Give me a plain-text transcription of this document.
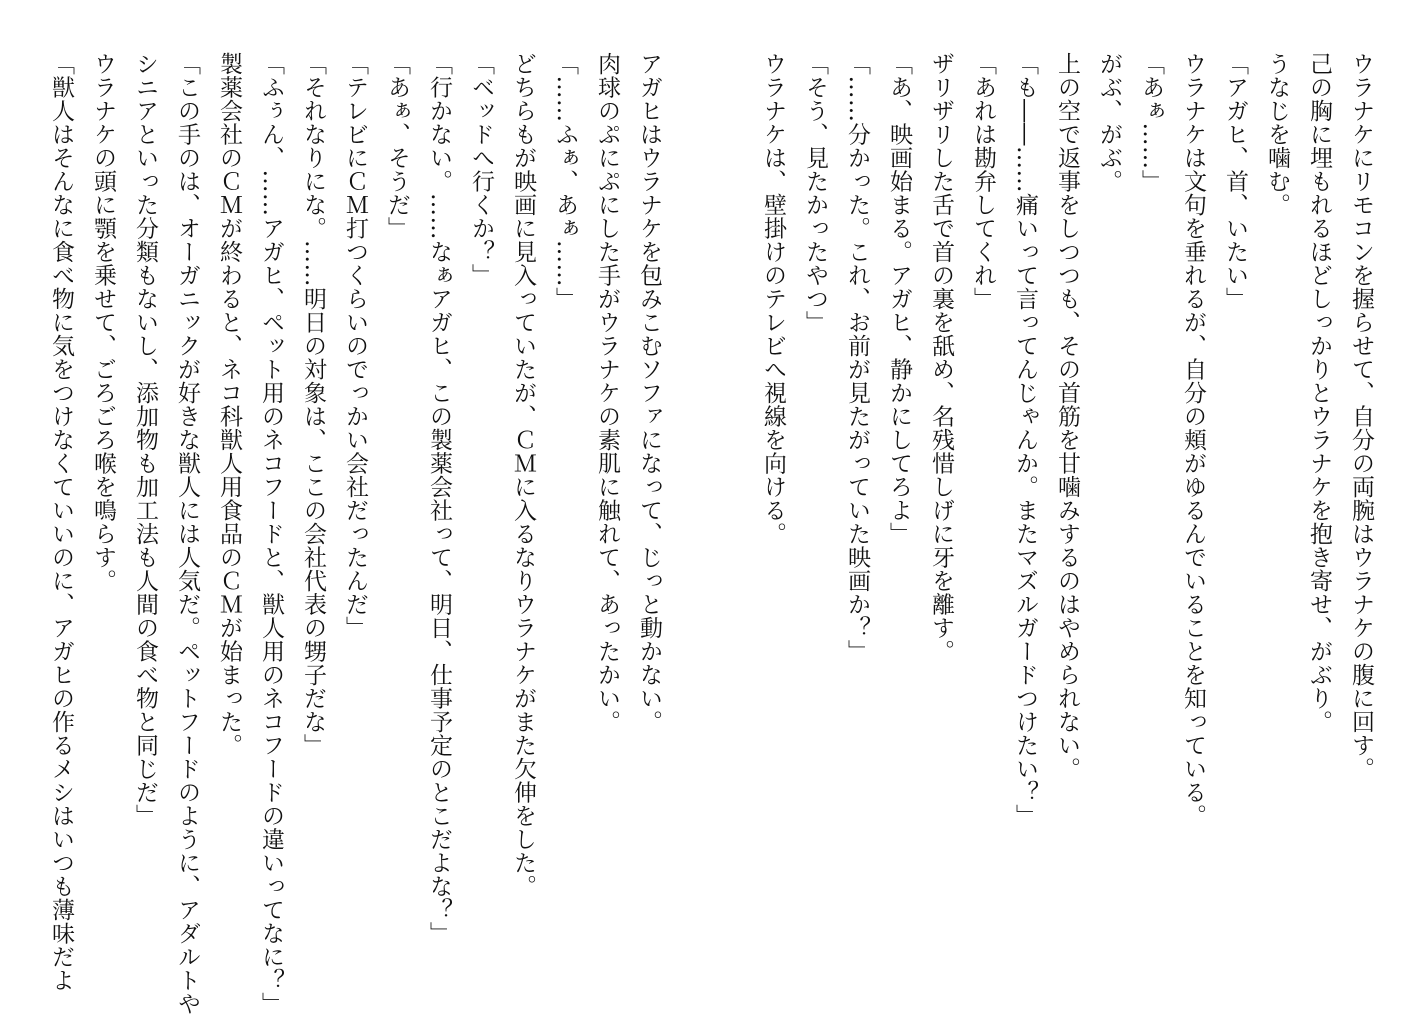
ウラナケにリモコンを握らせて、自分の両腕はウラナケの腹に回す。
己の胸に埋もれるほどしっかりとウラナケを抱き寄せ、がぶり。
うなじを噛む。
「アガヒ、首、いたい」
ウラナケは文句を垂れるが、自分の頬がゆるんでいることを知っている。
「あぁ……」
がぶ、がぶ。
上の空で返事をしつつも、その首筋を甘噛みするのはやめられない。
「も――……痛いって言ってんじゃんか。またマズルガードつけたい？」
「あれは勘弁してくれ」
ザリザリした舌で首の裏を舐め、名残惜しげに牙を離す。
「あ、映画始まる。アガヒ、静かにしてろよ」
「……分かった。これ、お前が見たがっていた映画か？」
「そう、見たかったやつ」
ウラナケは、壁掛けのテレビへ視線を向ける。
アガヒはウラナケを包みこむソファになって、じっと動かない。
肉球のぷにぷにした手がウラナケの素肌に触れて、あったかい。
「……ふぁ、あぁ……」
どちらもが映画に見入っていたが、ＣＭに入るなりウラナケがまた欠伸をした。
「ベッドへ行くか？」
「行かない。……なぁアガヒ、この製薬会社って、明日、仕事予定のとこだよな？」
「あぁ、そうだ」
「テレビにＣＭ打つくらいのでっかい会社だったんだ」
「それなりにな。……明日の対象は、ここの会社代表の甥子だな」
「ふぅん、……アガヒ、ペット用のネコフードと、獣人用のネコフードの違いってなに？」
製薬会社のＣＭが終わると、ネコ科獣人用食品のＣＭが始まった。
「この手のは、オーガニックが好きな獣人には人気だ。ペットフードのように、アダルトや
シニアといった分類もないし、添加物も加工法も人間の食べ物と同じだ」
ウラナケの頭に顎を乗せて、ごろごろ喉を鳴らす。
「獣人はそんなに食べ物に気をつけなくていいのに、アガヒの作るメシはいつも薄味だよ
